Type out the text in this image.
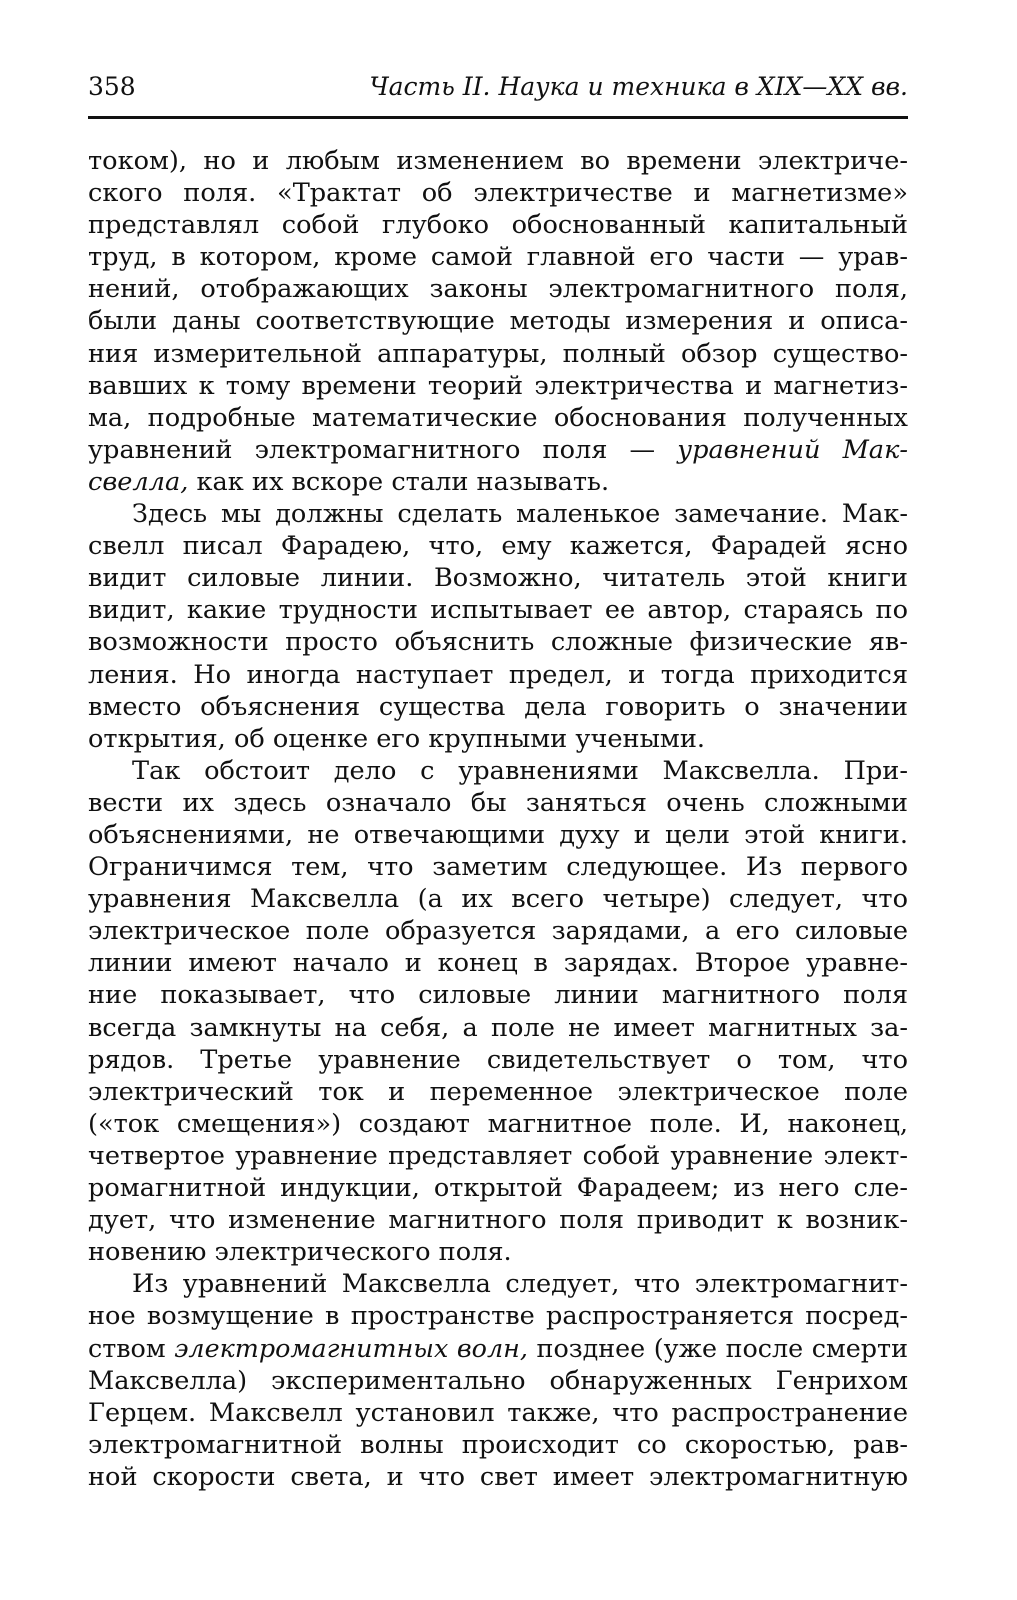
358	Часть II. Наука и техника в XIX—XX вв.
током), но и любым изменением во времени электриче-
ского поля. «Трактат об электричестве и магнетизме»
представлял собой глубоко обоснованный капитальный
труд, в котором, кроме самой главной его части — урав-
нений, отображающих законы электромагнитного поля,
были даны соответствующие методы измерения и описа-
ния измерительной аппаратуры, полный обзор существо-
вавших к тому времени теорий электричества и магнетиз-
ма, подробные математические обоснования полученных
уравнений электромагнитного поля — уравнений Мак-
свелла, как их вскоре стали называть.
Здесь мы должны сделать маленькое замечание. Мак-
свелл писал Фарадею, что, ему кажется, Фарадей ясно
видит силовые линии. Возможно, читатель этой книги
видит, какие трудности испытывает ее автор, стараясь по
возможности просто объяснить сложные физические яв-
ления. Но иногда наступает предел, и тогда приходится
вместо объяснения существа дела говорить о значении
открытия, об оценке его крупными учеными.
Так обстоит дело с уравнениями Максвелла. При-
вести их здесь означало бы заняться очень сложными
объяснениями, не отвечающими духу и цели этой книги.
Ограничимся тем, что заметим следующее. Из первого
уравнения Максвелла (а их всего четыре) следует, что
электрическое поле образуется зарядами, а его силовые
линии имеют начало и конец в зарядах. Второе уравне-
ние показывает, что силовые линии магнитного поля
всегда замкнуты на себя, а поле не имеет магнитных за-
рядов. Третье уравнение свидетельствует о том, что
электрический ток и переменное электрическое поле
(«ток смещения») создают магнитное поле. И, наконец,
четвертое уравнение представляет собой уравнение элект-
ромагнитной индукции, открытой Фарадеем; из него сле-
дует, что изменение магнитного поля приводит к возник-
новению электрического поля.
Из уравнений Максвелла следует, что электромагнит-
ное возмущение в пространстве распространяется посред-
ством электромагнитных волн, позднее (уже после смерти
Максвелла) экспериментально обнаруженных Генрихом
Герцем. Максвелл установил также, что распространение
электромагнитной волны происходит со скоростью, рав-
ной скорости света, и что свет имеет электромагнитную
